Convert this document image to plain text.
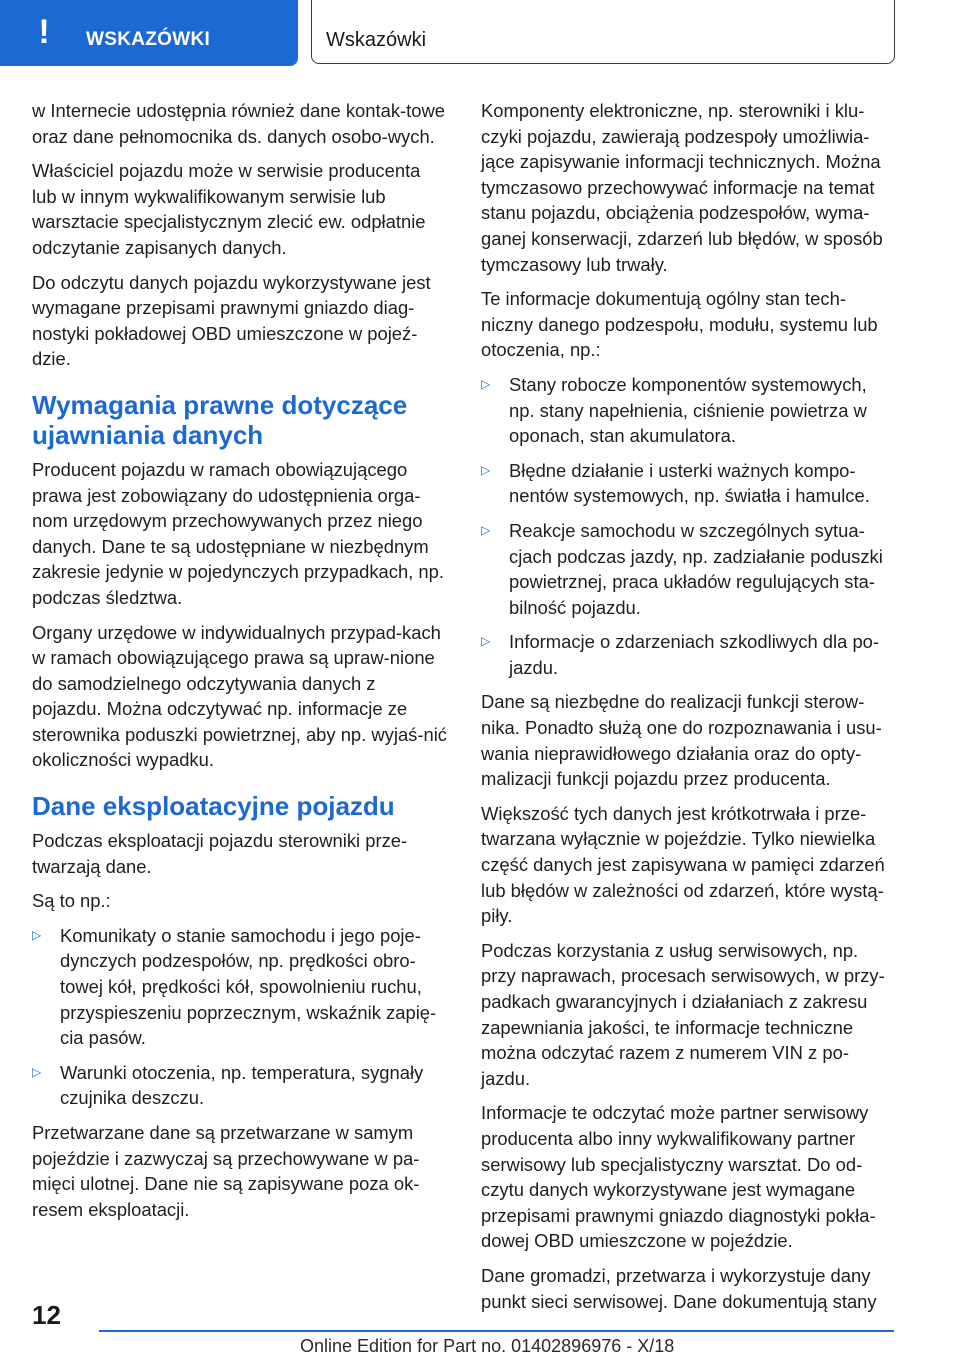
! WSKAZÓWKI	Wskazówki

w Internecie udostępnia również dane kontak-towe oraz dane pełnomocnika ds. danych osobo-wych.

Właściciel pojazdu może w serwisie producenta lub w innym wykwalifikowanym serwisie lub warsztacie specjalistycznym zlecić ew. odpłatnie odczytanie zapisanych danych.

Do odczytu danych pojazdu wykorzystywane jest wymagane przepisami prawnymi gniazdo diag-nostyki pokładowej OBD umieszczone w pojeź-dzie.

Wymagania prawne dotyczące ujawniania danych

Producent pojazdu w ramach obowiązującego prawa jest zobowiązany do udostępnienia orga-nom urzędowym przechowywanych przez niego danych. Dane te są udostępniane w niezbędnym zakresie jedynie w pojedynczych przypadkach, np. podczas śledztwa.

Organy urzędowe w indywidualnych przypad-kach w ramach obowiązującego prawa są upraw-nione do samodzielnego odczytywania danych z pojazdu. Można odczytywać np. informacje ze sterownika poduszki powietrznej, aby np. wyjaś-nić okoliczności wypadku.

Dane eksploatacyjne pojazdu

Podczas eksploatacji pojazdu sterowniki prze-twarzają dane.

Są to np.:

▷	Komunikaty o stanie samochodu i jego poje-dynczych podzespołów, np. prędkości obro-towej kół, prędkości kół, spowolnieniu ruchu, przyspieszeniu poprzecznym, wskaźnik zapię-cia pasów.
▷	Warunki otoczenia, np. temperatura, sygnały czujnika deszczu.

Przetwarzane dane są przetwarzane w samym pojeździe i zazwyczaj są przechowywane w pa-mięci ulotnej. Dane nie są zapisywane poza ok-resem eksploatacji.

Komponenty elektroniczne, np. sterowniki i klu-czyki pojazdu, zawierają podzespoły umożliwia-jące zapisywanie informacji technicznych. Można tymczasowo przechowywać informacje na temat stanu pojazdu, obciążenia podzespołów, wyma-ganej konserwacji, zdarzeń lub błędów, w sposób tymczasowy lub trwały.

Te informacje dokumentują ogólny stan tech-niczny danego podzespołu, modułu, systemu lub otoczenia, np.:

▷	Stany robocze komponentów systemowych, np. stany napełnienia, ciśnienie powietrza w oponach, stan akumulatora.
▷	Błędne działanie i usterki ważnych kompo-nentów systemowych, np. światła i hamulce.
▷	Reakcje samochodu w szczególnych sytua-cjach podczas jazdy, np. zadziałanie poduszki powietrznej, praca układów regulujących sta-bilność pojazdu.
▷	Informacje o zdarzeniach szkodliwych dla po-jazdu.

Dane są niezbędne do realizacji funkcji sterow-nika. Ponadto służą one do rozpoznawania i usu-wania nieprawidłowego działania oraz do opty-malizacji funkcji pojazdu przez producenta.

Większość tych danych jest krótkotrwała i prze-twarzana wyłącznie w pojeździe. Tylko niewielka część danych jest zapisywana w pamięci zdarzeń lub błędów w zależności od zdarzeń, które wystą-piły.

Podczas korzystania z usług serwisowych, np. przy naprawach, procesach serwisowych, w przy-padkach gwarancyjnych i działaniach z zakresu zapewniania jakości, te informacje techniczne można odczytać razem z numerem VIN z po-jazdu.

Informacje te odczytać może partner serwisowy producenta albo inny wykwalifikowany partner serwisowy lub specjalistyczny warsztat. Do od-czytu danych wykorzystywane jest wymagane przepisami prawnymi gniazdo diagnostyki pokła-dowej OBD umieszczone w pojeździe.

Dane gromadzi, przetwarza i wykorzystuje dany punkt sieci serwisowej. Dane dokumentują stany

12
Online Edition for Part no. 01402896976 - X/18
